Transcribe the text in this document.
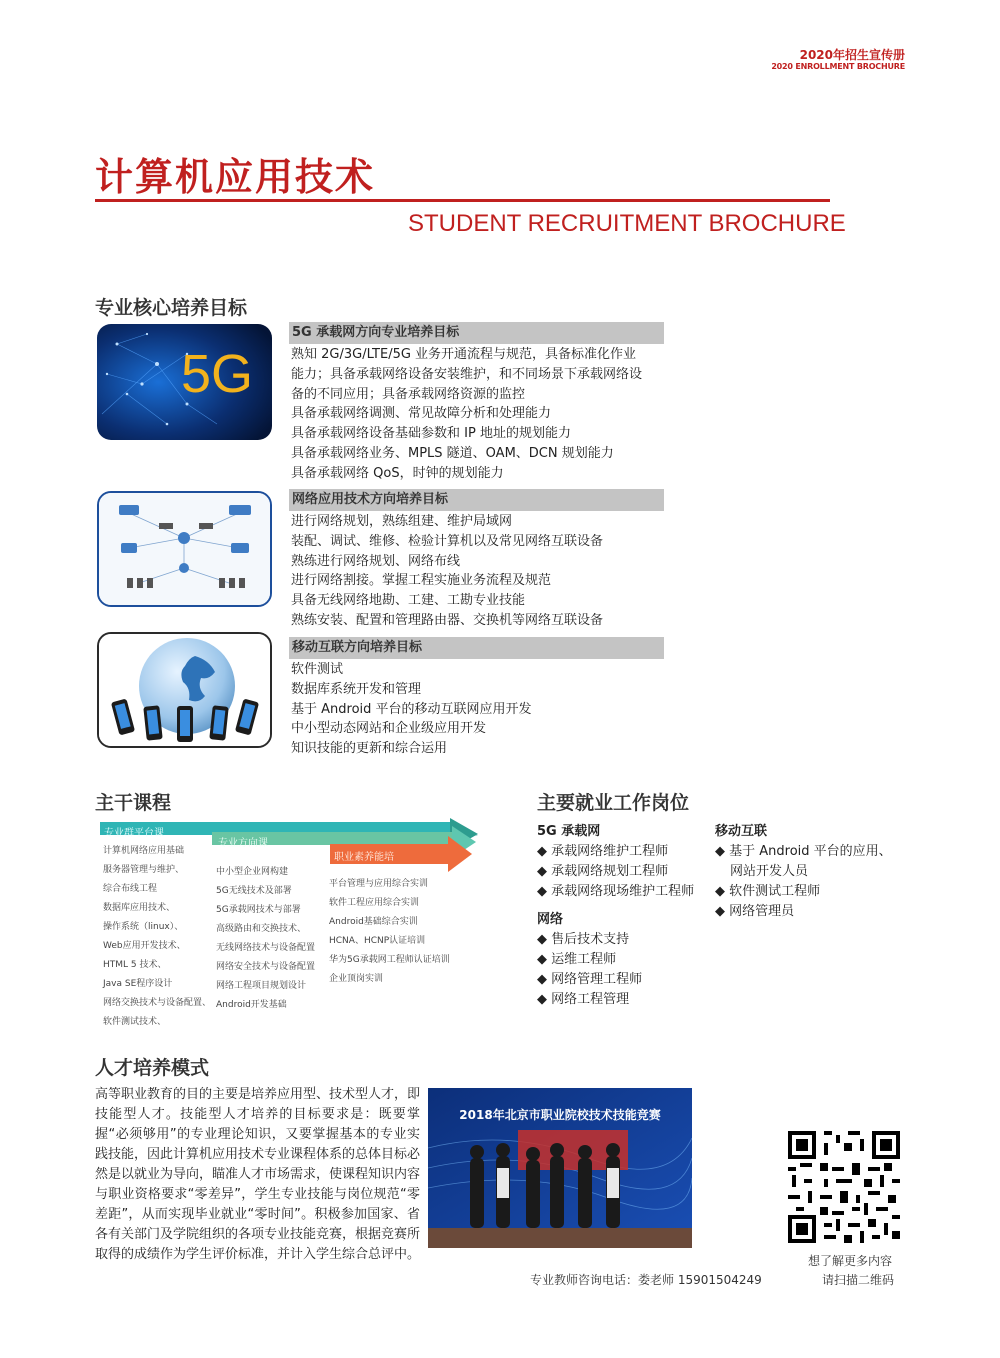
2020年招生宣传册
2020 ENROLLMENT BROCHURE
计算机应用技术
STUDENT RECRUITMENT BROCHURE
专业核心培养目标
5G
5G 承载网方向专业培养目标
熟知 2G/3G/LTE/5G 业务开通流程与规范，具备标准化作业
能力；具备承载网络设备安装维护，和不同场景下承载网络设
备的不同应用；具备承载网络资源的监控
具备承载网络调测、常见故障分析和处理能力
具备承载网络设备基础参数和 IP 地址的规划能力
具备承载网络业务、MPLS 隧道、OAM、DCN 规划能力
具备承载网络 QoS，时钟的规划能力
网络应用技术方向培养目标
进行网络规划，熟练组建、维护局域网
装配、调试、维修、检验计算机以及常见网络互联设备
熟练进行网络规划、网络布线
进行网络割接。掌握工程实施业务流程及规范
具备无线网络地勘、工建、工勘专业技能
熟练安装、配置和管理路由器、交换机等网络互联设备
移动互联方向培养目标
软件测试
数据库系统开发和管理
基于 Android 平台的移动互联网应用开发
中小型动态网站和企业级应用开发
知识技能的更新和综合运用
主干课程
专业群平台课
专业方向课
职业素养能培
计算机网络应用基础
服务器管理与维护、
综合布线工程
数据库应用技术、
操作系统（linux）、
Web应用开发技术、
HTML 5 技术、
Java SE程序设计
网络交换技术与设备配置、
软件测试技术、
中小型企业网构建
5G无线技术及部署
5G承载网技术与部署
高级路由和交换技术、
无线网络技术与设备配置
网络安全技术与设备配置
网络工程项目规划设计
Android开发基础
平台管理与应用综合实训
软件工程应用综合实训
Android基础综合实训
HCNA、HCNP认证培训
华为5G承载网工程师认证培训
企业顶岗实训
主要就业工作岗位
5G 承载网
◆ 承载网络维护工程师
◆ 承载网络规划工程师
◆ 承载网络现场维护工程师
网络
◆ 售后技术支持
◆ 运维工程师
◆ 网络管理工程师
◆ 网络工程管理
移动互联
◆ 基于 Android 平台的应用、
网站开发人员
◆ 软件测试工程师
◆ 网络管理员
人才培养模式
高等职业教育的目的主要是培养应用型、技术型人才，即技能型人才。技能型人才培养的目标要求是：既要掌握“必须够用”的专业理论知识，又要掌握基本的专业实践技能，因此计算机应用技术专业课程体系的总体目标必然是以就业为导向，瞄准人才市场需求，使课程知识内容与职业资格要求“零差异”，学生专业技能与岗位规范“零差距”，从而实现毕业就业“零时间”。积极参加国家、省各有关部门及学院组织的各项专业技能竞赛，根据竞赛所取得的成绩作为学生评价标准，并计入学生综合总评中。
2018年北京市职业院校技术技能竞赛
想了解更多内容
请扫描二维码
专业教师咨询电话：娄老师 15901504249
